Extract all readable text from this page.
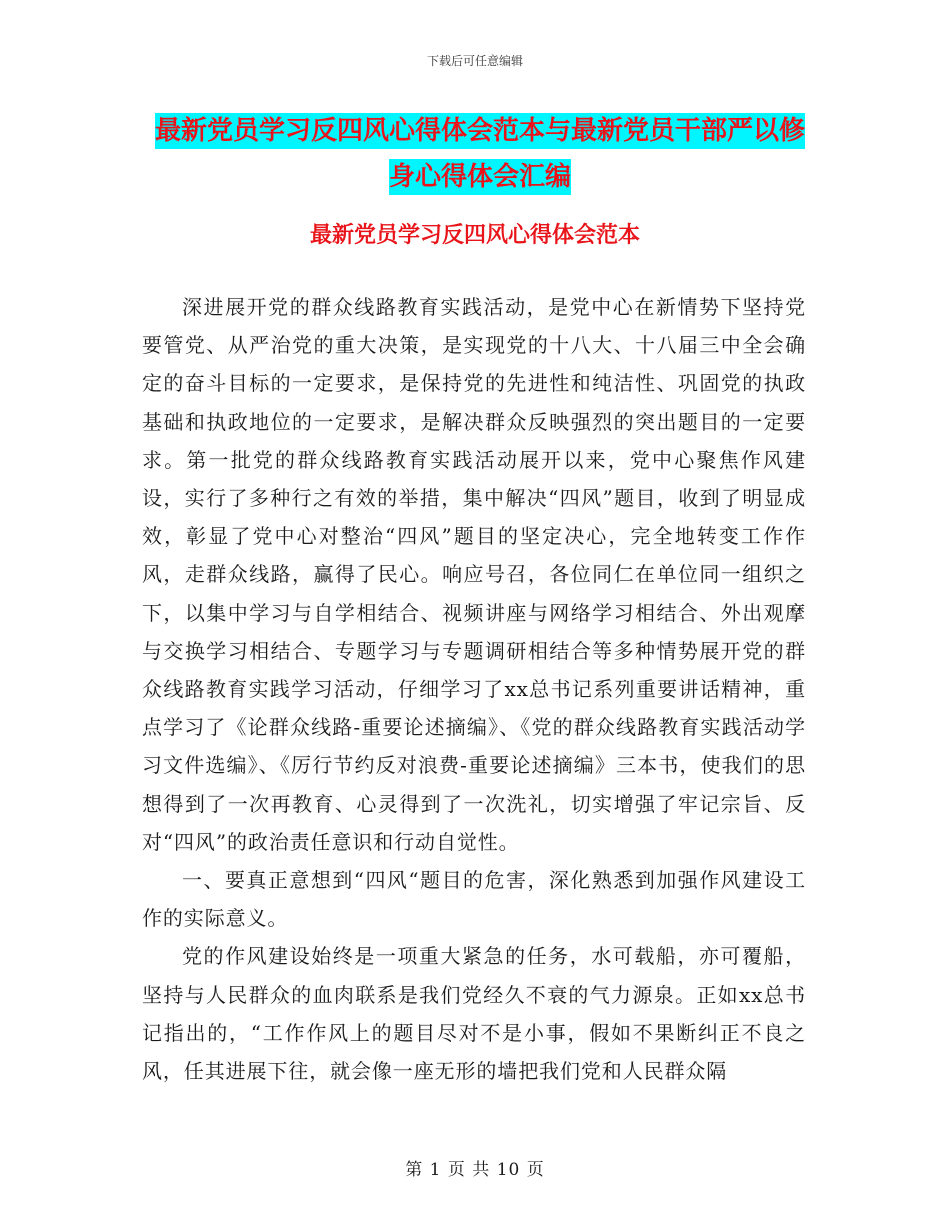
下载后可任意编辑
最新党员学习反四风心得体会范本与最新党员干部严以修身心得体会汇编
最新党员学习反四风心得体会范本

深进展开党的群众线路教育实践活动，是党中心在新情势下坚持党要管党、从严治党的重大决策，是实现党的十八大、十八届三中全会确定的奋斗目标的一定要求，是保持党的先进性和纯洁性、巩固党的执政基础和执政地位的一定要求，是解决群众反映强烈的突出题目的一定要求。第一批党的群众线路教育实践活动展开以来，党中心聚焦作风建设，实行了多种行之有效的举措，集中解决“四风”题目，收到了明显成效，彰显了党中心对整治“四风”题目的坚定决心，完全地转变工作作风，走群众线路，赢得了民心。响应号召，各位同仁在单位同一组织之下，以集中学习与自学相结合、视频讲座与网络学习相结合、外出观摩与交换学习相结合、专题学习与专题调研相结合等多种情势展开党的群众线路教育实践学习活动，仔细学习了xx总书记系列重要讲话精神，重点学习了《论群众线路-重要论述摘编》、《党的群众线路教育实践活动学习文件选编》、《厉行节约反对浪费-重要论述摘编》三本书，使我们的思想得到了一次再教育、心灵得到了一次洗礼，切实增强了牢记宗旨、反对“四风”的政治责任意识和行动自觉性。

一、要真正意想到“四风“题目的危害，深化熟悉到加强作风建设工作的实际意义。

党的作风建设始终是一项重大紧急的任务，水可载船，亦可覆船，坚持与人民群众的血肉联系是我们党经久不衰的气力源泉。正如xx总书记指出的，“工作作风上的题目尽对不是小事，假如不果断纠正不良之风，任其进展下往，就会像一座无形的墙把我们党和人民群众隔

第 1 页 共 10 页
